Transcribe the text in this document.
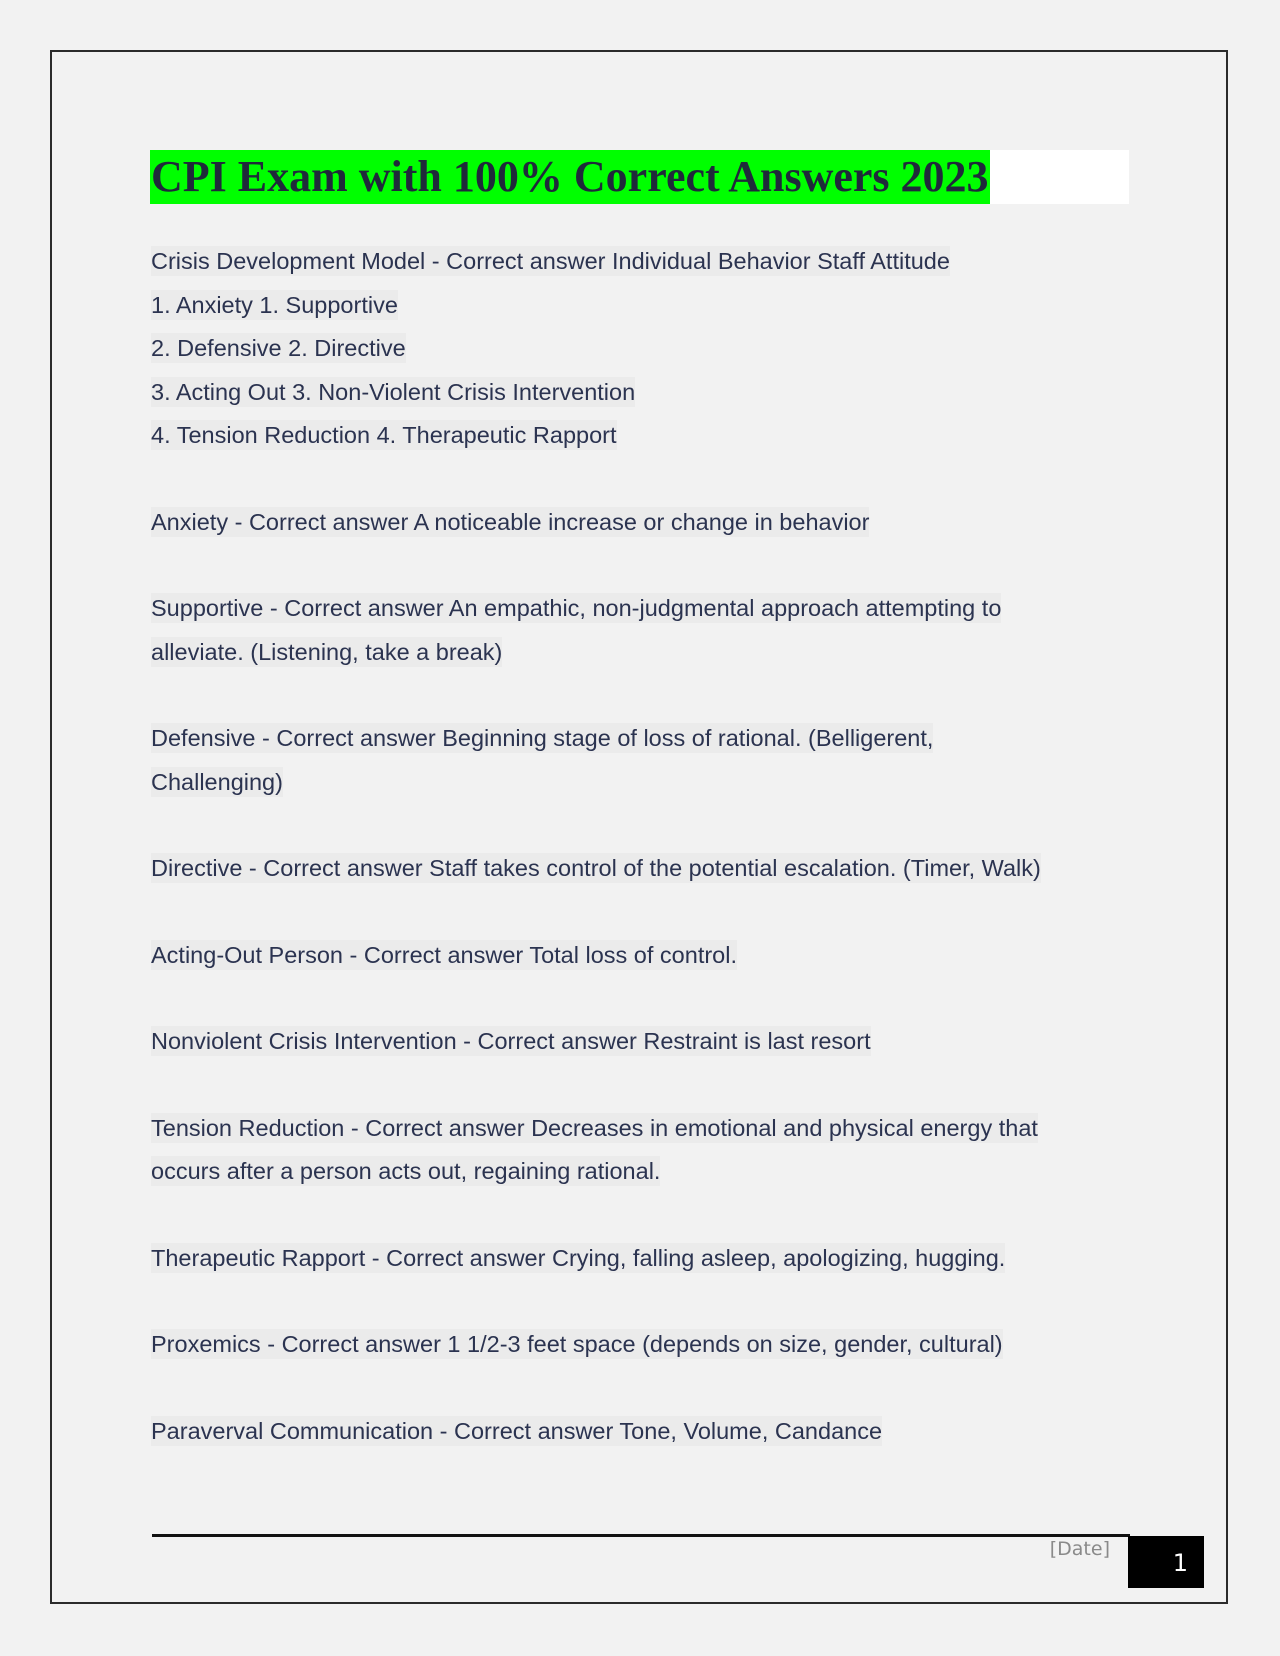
CPI Exam with 100% Correct Answers 2023
Crisis Development Model - Correct answer Individual Behavior Staff Attitude
1. Anxiety 1. Supportive
2. Defensive 2. Directive
3. Acting Out 3. Non-Violent Crisis Intervention
4. Tension Reduction 4. Therapeutic Rapport
Anxiety - Correct answer A noticeable increase or change in behavior
Supportive - Correct answer An empathic, non-judgmental approach attempting to
alleviate. (Listening, take a break)
Defensive - Correct answer Beginning stage of loss of rational. (Belligerent,
Challenging)
Directive - Correct answer Staff takes control of the potential escalation. (Timer, Walk)
Acting-Out Person - Correct answer Total loss of control.
Nonviolent Crisis Intervention - Correct answer Restraint is last resort
Tension Reduction - Correct answer Decreases in emotional and physical energy that
occurs after a person acts out, regaining rational.
Therapeutic Rapport - Correct answer Crying, falling asleep, apologizing, hugging.
Proxemics - Correct answer 1 1/2-3 feet space (depends on size, gender, cultural)
Paraverval Communication - Correct answer Tone, Volume, Candance
[Date]	1
